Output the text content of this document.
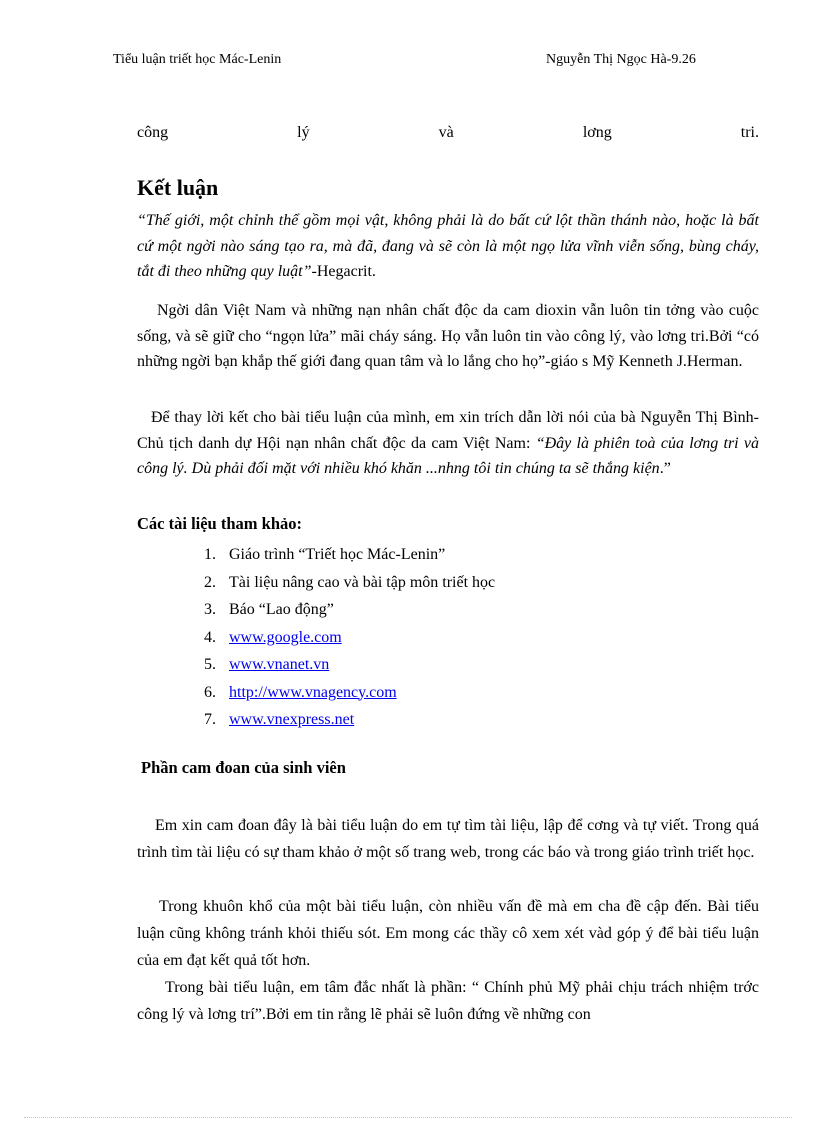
Tiểu luận triết học Mác-Lenin	Nguyễn Thị Ngọc Hà-9.26
công	lý	và	lơng	tri.
Kết luận

“Thế giới, một chỉnh thể gồm mọi vật, không phải là do bất cứ lột thần thánh nào, hoặc là bất cứ một ngời nào sáng tạo ra, mà đã, đang và sẽ còn là một ngọ lửa vĩnh viễn sống, bùng cháy, tắt đi theo những quy luật”-Hegacrit.

Ngời dân Việt Nam và những nạn nhân chất độc da cam dioxin vẫn luôn tin tởng vào cuộc sống, và sẽ giữ cho “ngọn lửa” mãi cháy sáng. Họ vẫn luôn tin vào công lý, vào lơng tri.Bởi “có những ngời bạn khắp thế giới đang quan tâm và lo lắng cho họ”-giáo s Mỹ Kenneth J.Herman.

Để thay lời kết cho bài tiểu luận của mình, em xin trích dẫn lời nói của bà Nguyễn Thị Bình- Chủ tịch danh dự Hội nạn nhân chất độc da cam Việt Nam: “Đây là phiên toà của lơng tri và công lý. Dù phải đối mặt với nhiều khó khăn ...nhng tôi tin chúng ta sẽ thắng kiện.”

Các tài liệu tham khảo:
1. Giáo trình “Triết học Mác-Lenin”
2. Tài liệu nâng cao và bài tập môn triết học
3. Báo “Lao động”
4. www.google.com
5. www.vnanet.vn
6. http://www.vnagency.com
7. www.vnexpress.net
Phần cam đoan của sinh viên

Em xin cam đoan đây là bài tiểu luận do em tự tìm tài liệu, lập để cơng và tự viết. Trong quá trình tìm tài liệu có sự tham khảo ở một số trang web, trong các báo và trong giáo trình triết học.

Trong khuôn khổ của một bài tiểu luận, còn nhiều vấn đề mà em cha đề cập đến. Bài tiểu luận cũng không tránh khỏi thiếu sót. Em mong các thầy cô xem xét vàd góp ý để bài tiểu luận của em đạt kết quả tốt hơn.

Trong bài tiểu luận, em tâm đắc nhất là phần: “ Chính phủ Mỹ phải chịu trách nhiệm trớc công lý và lơng trí”.Bởi em tin rằng lẽ phải sẽ luôn đứng về những con
